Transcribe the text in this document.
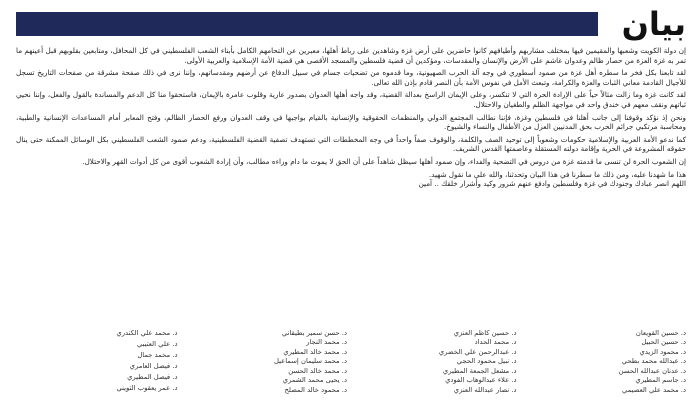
بيان

إن دولة الكويت وشعبها والمقيمين فيها بمختلف مشاربهم وأطيافهم كانوا حاضرين على أرض غزة وشاهدين على رباط أهلها، معبرين عن التحامهم الكامل بأبناء الشعب الفلسطيني في كل المحافل، ومتابعين بقلوبهم قبل أعينهم ما تمر به غزة العزة من حصار ظالم وعدوان غاشم على الأرض والإنسان والمقدسات، ومؤكدين أن قضية فلسطين والمسجد الأقصى هي قضية الأمة الإسلامية والعربية الأولى.

لقد تابعنا بكل فخر ما سطره أهل غزة من صمود أسطوري في وجه آلة الحرب الصهيونية، وما قدموه من تضحيات جسام في سبيل الدفاع عن أرضهم ومقدساتهم، وإننا نرى في ذلك صفحة مشرقة من صفحات التاريخ تسجل للأجيال القادمة معاني الثبات والعزة والكرامة، وتبعث الأمل في نفوس الأمة بأن النصر قادم بإذن الله تعالى.

لقد كانت غزة وما زالت مثالاً حياً على الإرادة الحرة التي لا تنكسر، وعلى الإيمان الراسخ بعدالة القضية، وقد واجه أهلها العدوان بصدور عارية وقلوب عامرة بالإيمان، فاستحقوا منا كل الدعم والمساندة بالقول والفعل، وإننا نحيي ثباتهم ونقف معهم في خندق واحد في مواجهة الظلم والطغيان والاحتلال.

ونحن إذ نؤكد وقوفنا إلى جانب أهلنا في فلسطين وغزة، فإننا نطالب المجتمع الدولي والمنظمات الحقوقية والإنسانية بالقيام بواجبها في وقف العدوان ورفع الحصار الظالم، وفتح المعابر أمام المساعدات الإنسانية والطبية، ومحاسبة مرتكبي جرائم الحرب بحق المدنيين العزل من الأطفال والنساء والشيوخ.

كما ندعو الأمة العربية والإسلامية حكومات وشعوباً إلى توحيد الصف والكلمة، والوقوف صفاً واحداً في وجه المخططات التي تستهدف تصفية القضية الفلسطينية، ودعم صمود الشعب الفلسطيني بكل الوسائل الممكنة حتى ينال حقوقه المشروعة في الحرية وإقامة دولته المستقلة وعاصمتها القدس الشريف.

إن الشعوب الحرة لن تنسى ما قدمته غزة من دروس في التضحية والفداء، وإن صمود أهلها سيظل شاهداً على أن الحق لا يموت ما دام وراءه مطالب، وأن إرادة الشعوب أقوى من كل أدوات القهر والاحتلال.

هذا ما شهدنا عليه، ومن ذلك ما سطرنا في هذا البيان وتحدثنا، والله على ما نقول شهيد.

اللهم انصر عبادك وجنودك في غزة وفلسطين وادفع عنهم شرور وكيد وأشرار خلقك .. آمين

د. حسين القويعان
د. حسين الحبيل
د. محمود الزيدي
د. عبدالله محمد بطحي
د. عدنان عبدالله الحسن
د. جاسم المطيري
د. محمد علي العصيمي
د. حسين كاظم العنزي
د. محمد الحداد
د. عبدالرحمن علي الخضري
د. نبيل محمود الحجي
د. مشعل الجمعة المطيري
د. علاء عبدالوهاب الفودي
د. نصار عبدالله العنزي
د. حسن سمير بطيقاني
د. محمد النجار
د. محمد خالد المطيري
د. محمد سليمان إسماعيل
د. محمد خالد الحسن
د. يحيى محمد الشمري
د. محمود خالد المصلح
د. محمد علي الكندري
د. علي العتيبي
د. محمد جمال
د. فيصل العامري
د. فيصل المطيري
د. عمر يعقوب التويني
